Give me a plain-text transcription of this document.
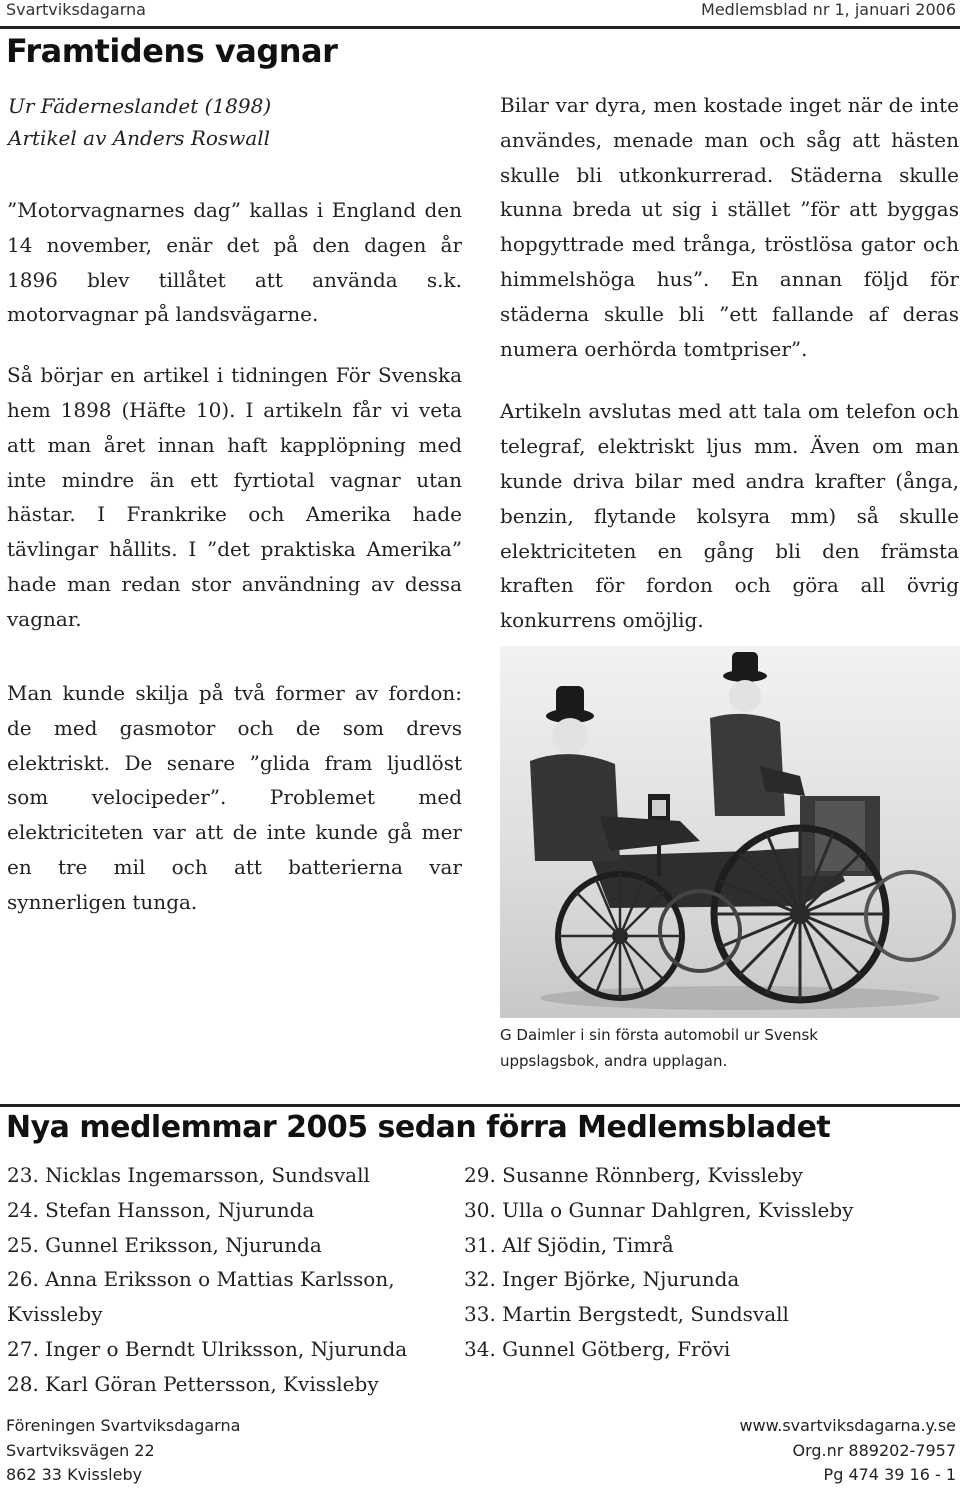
Svartviksdagarna	Medlemsblad nr 1, januari 2006
Framtidens vagnar
Ur Fäderneslandet (1898)
Artikel av Anders Roswall

”Motorvagnarnes dag” kallas i England den 14 november, enär det på den dagen år 1896 blev tillåtet att använda s.k. motorvagnar på landsvägarne.

Så börjar en artikel i tidningen För Svenska hem 1898 (Häfte 10). I artikeln får vi veta att man året innan haft kapplöpning med inte mindre än ett fyrtiotal vagnar utan hästar. I Frankrike och Amerika hade tävlingar hållits. I ”det praktiska Amerika” hade man redan stor användning av dessa vagnar.

Man kunde skilja på två former av fordon: de med gasmotor och de som drevs elektriskt. De senare ”glida fram ljudlöst som velocipeder”. Problemet med elektriciteten var att de inte kunde gå mer en tre mil och att batterierna var synnerligen tunga.

Bilar var dyra, men kostade inget när de inte användes, menade man och såg att hästen skulle bli utkonkurrerad. Städerna skulle kunna breda ut sig i stället ”för att byggas hopgyttrade med trånga, tröstlösa gator och himmelshöga hus”. En annan följd för städerna skulle bli ”ett fallande af deras numera oerhörda tomtpriser”.

Artikeln avslutas med att tala om telefon och telegraf, elektriskt ljus mm. Även om man kunde driva bilar med andra krafter (ånga, benzin, flytande kolsyra mm) så skulle elektriciteten en gång bli den främsta kraften för fordon och göra all övrig konkurrens omöjlig.

G Daimler i sin första automobil ur Svensk uppslagsbok, andra upplagan.
Nya medlemmar 2005 sedan förra Medlemsbladet
23. Nicklas Ingemarsson, Sundsvall
24. Stefan Hansson, Njurunda
25. Gunnel Eriksson, Njurunda
26. Anna Eriksson o Mattias Karlsson, Kvissleby
27. Inger o Berndt Ulriksson, Njurunda
28. Karl Göran Pettersson, Kvissleby
29. Susanne Rönnberg, Kvissleby
30. Ulla o Gunnar Dahlgren, Kvissleby
31. Alf Sjödin, Timrå
32. Inger Björke, Njurunda
33. Martin Bergstedt, Sundsvall
34. Gunnel Götberg, Frövi
Föreningen Svartviksdagarna
Svartviksvägen 22
862 33 Kvissleby
www.svartviksdagarna.y.se
Org.nr 889202-7957
Pg 474 39 16 - 1
